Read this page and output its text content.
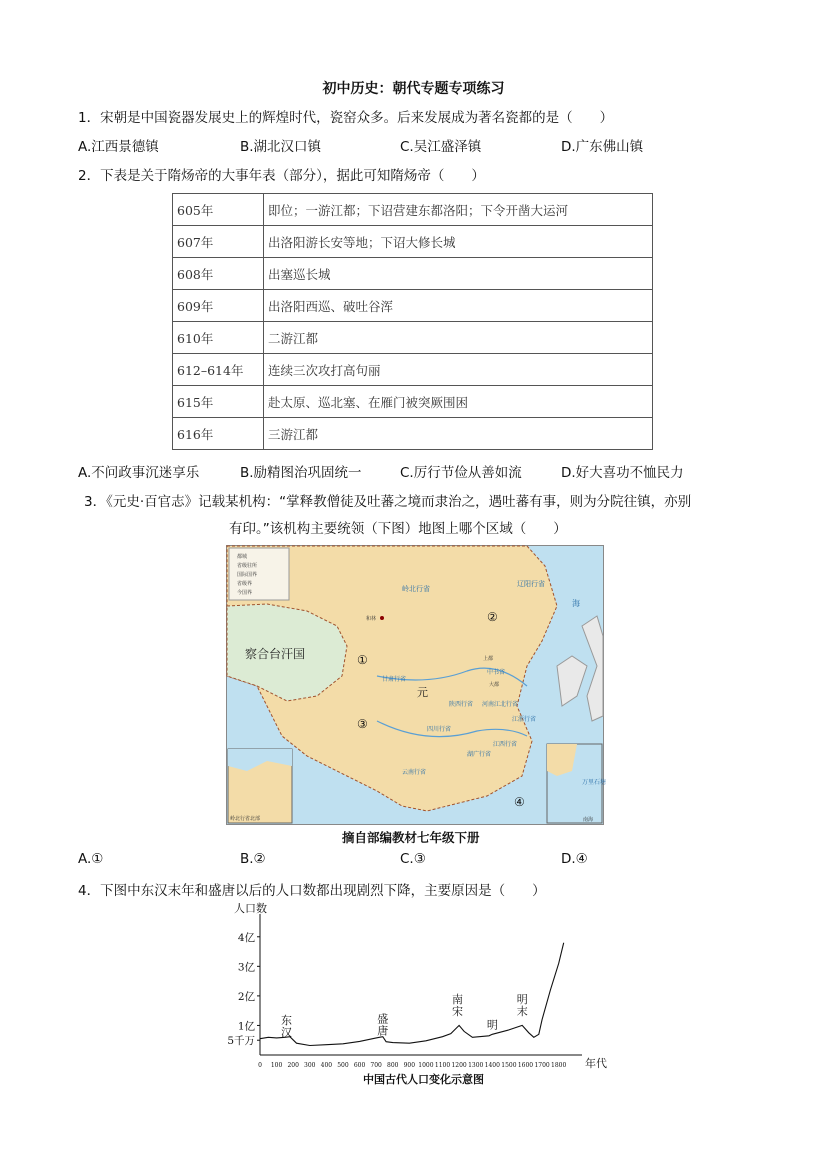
初中历史：朝代专题专项练习
1．宋朝是中国瓷器发展史上的辉煌时代，瓷窑众多。后来发展成为著名瓷都的是（　　）
A.江西景德镇	B.湖北汉口镇	C.吴江盛泽镇	D.广东佛山镇
2．下表是关于隋炀帝的大事年表（部分），据此可知隋炀帝（　　）
605年	即位；一游江都；下诏营建东都洛阳；下令开凿大运河
607年	出洛阳游长安等地；下诏大修长城
608年	出塞巡长城
609年	出洛阳西巡、破吐谷浑
610年	二游江都
612–614年	连续三次攻打高句丽
615年	赴太原、巡北塞、在雁门被突厥围困
616年	三游江都
A.不问政事沉迷享乐	B.励精图治巩固统一	C.厉行节俭从善如流	D.好大喜功不恤民力
3．《元史·百官志》记载某机构：“掌释教僧徒及吐蕃之境而隶治之，遇吐蕃有事，则为分院往镇，亦别
有印。”该机构主要统领（下图）地图上哪个区域（　　）
都城
省级驻所
国际国界
省级界
今国界
察合台汗国
元
岭北行省
辽阳行省
中书省
上都
大都
和林
甘肃行省
陕西行省 河南江北行省
四川行省
云南行省
湖广行省
江浙行省
江西行省
海
①
②
③
④
岭北行省北部
万里石塘
南海
摘自部编教材七年级下册
A.①	B.②	C.③	D.④
4．下图中东汉末年和盛唐以后的人口数都出现剧烈下降，主要原因是（　　）
人口数
年代
4亿
3亿
2亿
1亿
5千万
0 100 200 300 400 500 600 700 800 900 1000 1100 1200 1300 1400 1500 1600 1700 1800
东
汉
盛
唐
南
宋
明
明
末
中国古代人口变化示意图
